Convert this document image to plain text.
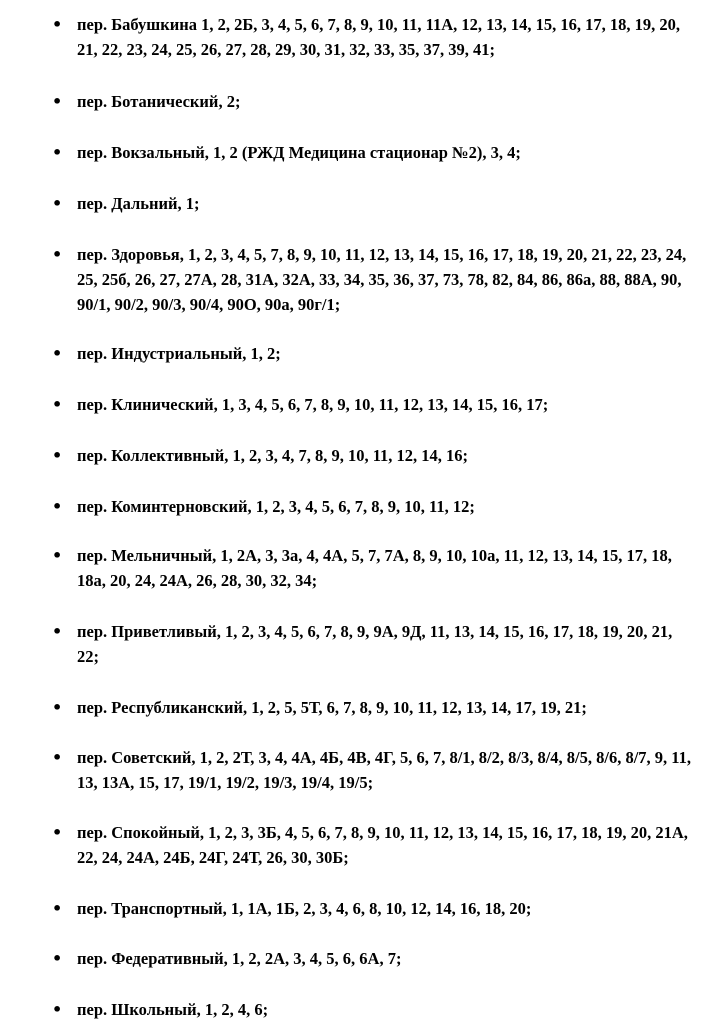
• пер. Бабушкина 1, 2, 2Б, 3, 4, 5, 6, 7, 8, 9, 10, 11, 11А, 12, 13, 14, 15, 16, 17, 18, 19, 20, 21, 22, 23, 24, 25, 26, 27, 28, 29, 30, 31, 32, 33, 35, 37, 39, 41;
• пер. Ботанический, 2;
• пер. Вокзальный, 1, 2 (РЖД Медицина стационар №2), 3, 4;
• пер. Дальний, 1;
• пер. Здоровья, 1, 2, 3, 4, 5, 7, 8, 9, 10, 11, 12, 13, 14, 15, 16, 17, 18, 19, 20, 21, 22, 23, 24, 25, 25б, 26, 27, 27А, 28, 31А, 32А, 33, 34, 35, 36, 37, 73, 78, 82, 84, 86, 86а, 88, 88А, 90, 90/1, 90/2, 90/3, 90/4, 90О, 90а, 90г/1;
• пер. Индустриальный, 1, 2;
• пер. Клинический, 1, 3, 4, 5, 6, 7, 8, 9, 10, 11, 12, 13, 14, 15, 16, 17;
• пер. Коллективный, 1, 2, 3, 4, 7, 8, 9, 10, 11, 12, 14, 16;
• пер. Коминтерновский, 1, 2, 3, 4, 5, 6, 7, 8, 9, 10, 11, 12;
• пер. Мельничный, 1, 2А, 3, 3а, 4, 4А, 5, 7, 7А, 8, 9, 10, 10а, 11, 12, 13, 14, 15, 17, 18, 18а, 20, 24, 24А, 26, 28, 30, 32, 34;
• пер. Приветливый, 1, 2, 3, 4, 5, 6, 7, 8, 9, 9А, 9Д, 11, 13, 14, 15, 16, 17, 18, 19, 20, 21, 22;
• пер. Республиканский, 1, 2, 5, 5Т, 6, 7, 8, 9, 10, 11, 12, 13, 14, 17, 19, 21;
• пер. Советский, 1, 2, 2Т, 3, 4, 4А, 4Б, 4В, 4Г, 5, 6, 7, 8/1, 8/2, 8/3, 8/4, 8/5, 8/6, 8/7, 9, 11, 13, 13А, 15, 17, 19/1, 19/2, 19/3, 19/4, 19/5;
• пер. Спокойный, 1, 2, 3, 3Б, 4, 5, 6, 7, 8, 9, 10, 11, 12, 13, 14, 15, 16, 17, 18, 19, 20, 21А, 22, 24, 24А, 24Б, 24Г, 24Т, 26, 30, 30Б;
• пер. Транспортный, 1, 1А, 1Б, 2, 3, 4, 6, 8, 10, 12, 14, 16, 18, 20;
• пер. Федеративный, 1, 2, 2А, 3, 4, 5, 6, 6А, 7;
• пер. Школьный, 1, 2, 4, 6;
